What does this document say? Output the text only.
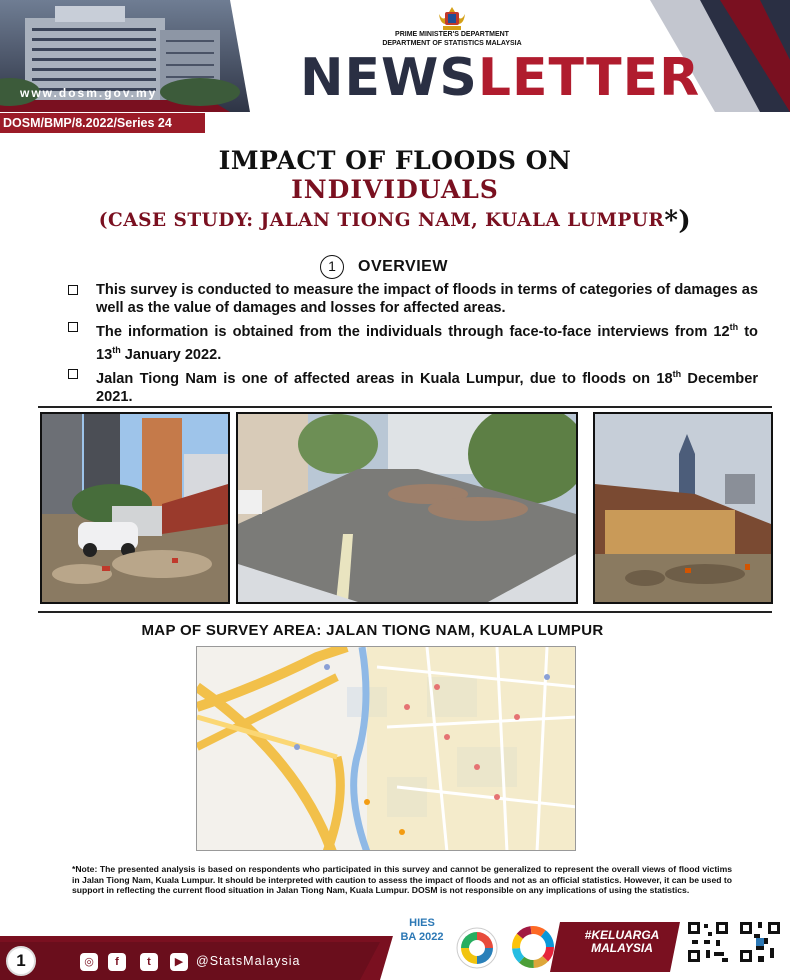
www.dosm.gov.my
PRIME MINISTER'S DEPARTMENT
DEPARTMENT OF STATISTICS MALAYSIA
NEWSLETTER
DOSM/BMP/8.2022/Series 24
IMPACT OF FLOODS ON
INDIVIDUALS
(CASE STUDY: JALAN TIONG NAM, KUALA LUMPUR*)
1	OVERVIEW
This survey is conducted to measure the impact of floods in terms of categories of damages as well as the value of damages and losses for affected areas.
The information is obtained from the individuals through face-to-face interviews from 12th to 13th January 2022.
Jalan Tiong Nam is one of affected areas in Kuala Lumpur, due to floods on 18th December 2021.
MAP OF SURVEY AREA: JALAN TIONG NAM, KUALA LUMPUR
*Note: The presented analysis is based on respondents who participated in this survey and cannot be generalized to represent the overall views of flood victims in Jalan Tiong Nam, Kuala Lumpur. It should be interpreted with caution to assess the impact of floods and not as an official statistics. However, it can be used to support in reflecting the current flood situation in Jalan Tiong Nam, Kuala Lumpur. DOSM is not responsible on any implications of using the statistics.
1	◎	f	t	▶	@StatsMalaysia
HIES BA 2022	#KELUARGA MALAYSIA
